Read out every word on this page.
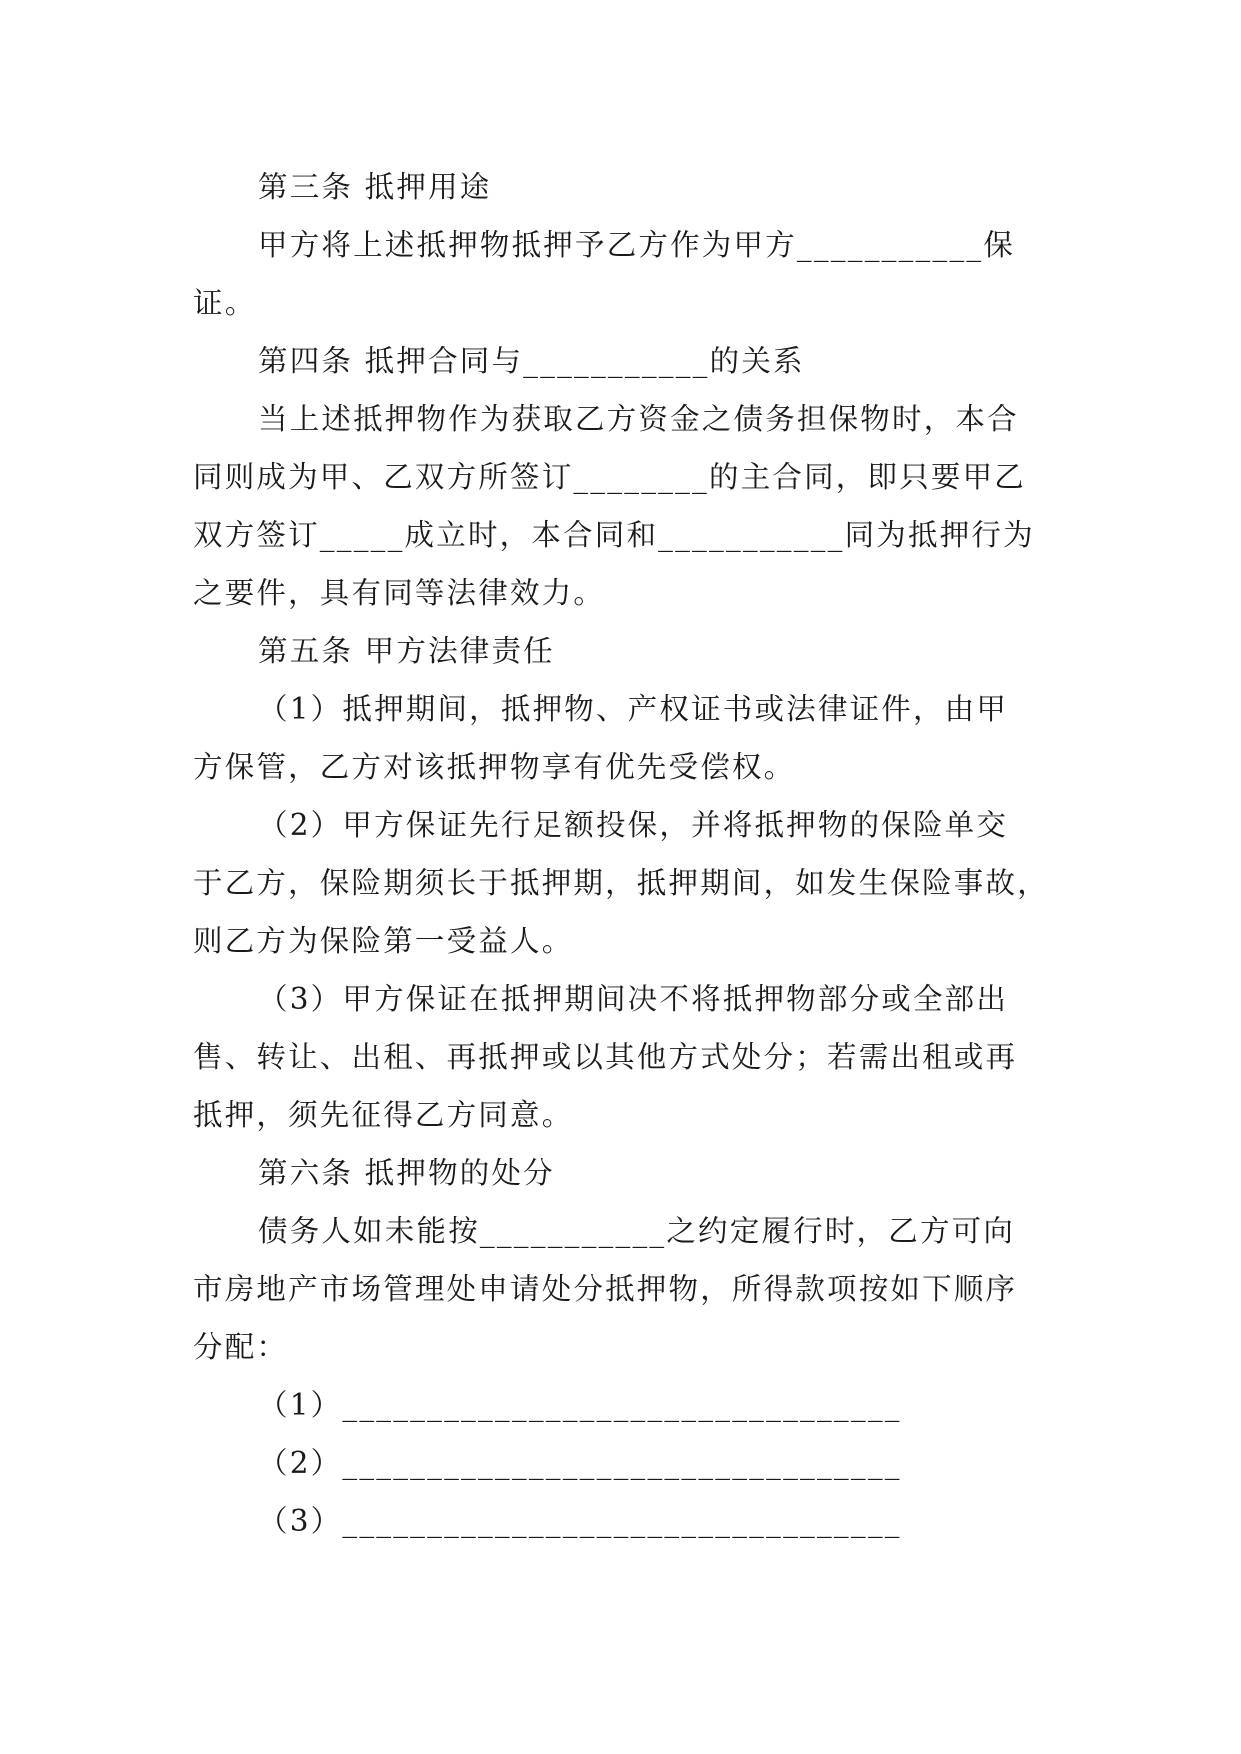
第三条 抵押用途
甲方将上述抵押物抵押予乙方作为甲方___________保
证。
第四条 抵押合同与___________的关系
当上述抵押物作为获取乙方资金之债务担保物时，本合
同则成为甲、乙双方所签订________的主合同，即只要甲乙
双方签订_____成立时，本合同和___________同为抵押行为
之要件，具有同等法律效力。
第五条 甲方法律责任
（1）抵押期间，抵押物、产权证书或法律证件，由甲
方保管，乙方对该抵押物享有优先受偿权。
（2）甲方保证先行足额投保，并将抵押物的保险单交
于乙方，保险期须长于抵押期，抵押期间，如发生保险事故，
则乙方为保险第一受益人。
（3）甲方保证在抵押期间决不将抵押物部分或全部出
售、转让、出租、再抵押或以其他方式处分；若需出租或再
抵押，须先征得乙方同意。
第六条 抵押物的处分
债务人如未能按___________之约定履行时，乙方可向
市房地产市场管理处申请处分抵押物，所得款项按如下顺序
分配：
（1）_________________________________
（2）_________________________________
（3）_________________________________
